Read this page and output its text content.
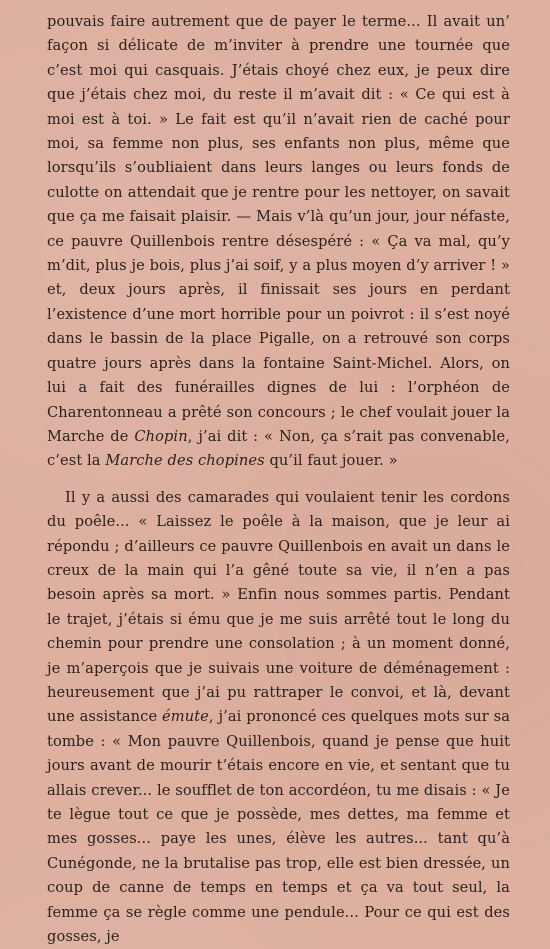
pouvais faire autrement que de payer le terme... Il avait un’ façon si délicate de m’inviter à prendre une tournée que c’est moi qui casquais. J’étais choyé chez eux, je peux dire que j’étais chez moi, du reste il m’avait dit : « Ce qui est à moi est à toi. » Le fait est qu’il n’avait rien de caché pour moi, sa femme non plus, ses enfants non plus, même que lorsqu’ils s’oubliaient dans leurs langes ou leurs fonds de culotte on attendait que je rentre pour les nettoyer, on savait que ça me faisait plaisir. — Mais v’là qu’un jour, jour néfaste, ce pauvre Quillenbois rentre désespéré : « Ça va mal, qu’y m’dit, plus je bois, plus j’ai soif, y a plus moyen d’y arriver ! » et, deux jours après, il finissait ses jours en perdant l’existence d’une mort horrible pour un poivrot : il s’est noyé dans le bassin de la place Pigalle, on a retrouvé son corps quatre jours après dans la fontaine Saint-Michel. Alors, on lui a fait des funérailles dignes de lui : l’orphéon de Charentonneau a prêté son concours ; le chef voulait jouer la Marche de Chopin, j’ai dit : « Non, ça s’rait pas convenable, c’est la Marche des chopines qu’il faut jouer. »

Il y a aussi des camarades qui voulaient tenir les cordons du poêle... « Laissez le poêle à la maison, que je leur ai répondu ; d’ailleurs ce pauvre Quillenbois en avait un dans le creux de la main qui l’a gêné toute sa vie, il n’en a pas besoin après sa mort. » Enfin nous sommes partis. Pendant le trajet, j’étais si ému que je me suis arrêté tout le long du chemin pour prendre une consolation ; à un moment donné, je m’aperçois que je suivais une voiture de déménagement : heureusement que j’ai pu rattraper le convoi, et là, devant une assistance émute, j’ai prononcé ces quelques mots sur sa tombe : « Mon pauvre Quillenbois, quand je pense que huit jours avant de mourir t’étais encore en vie, et sentant que tu allais crever... le soufflet de ton accordéon, tu me disais : « Je te lègue tout ce que je possède, mes dettes, ma femme et mes gosses... paye les unes, élève les autres... tant qu’à Cunégonde, ne la brutalise pas trop, elle est bien dressée, un coup de canne de temps en temps et ça va tout seul, la femme ça se règle comme une pendule... Pour ce qui est des gosses, je
